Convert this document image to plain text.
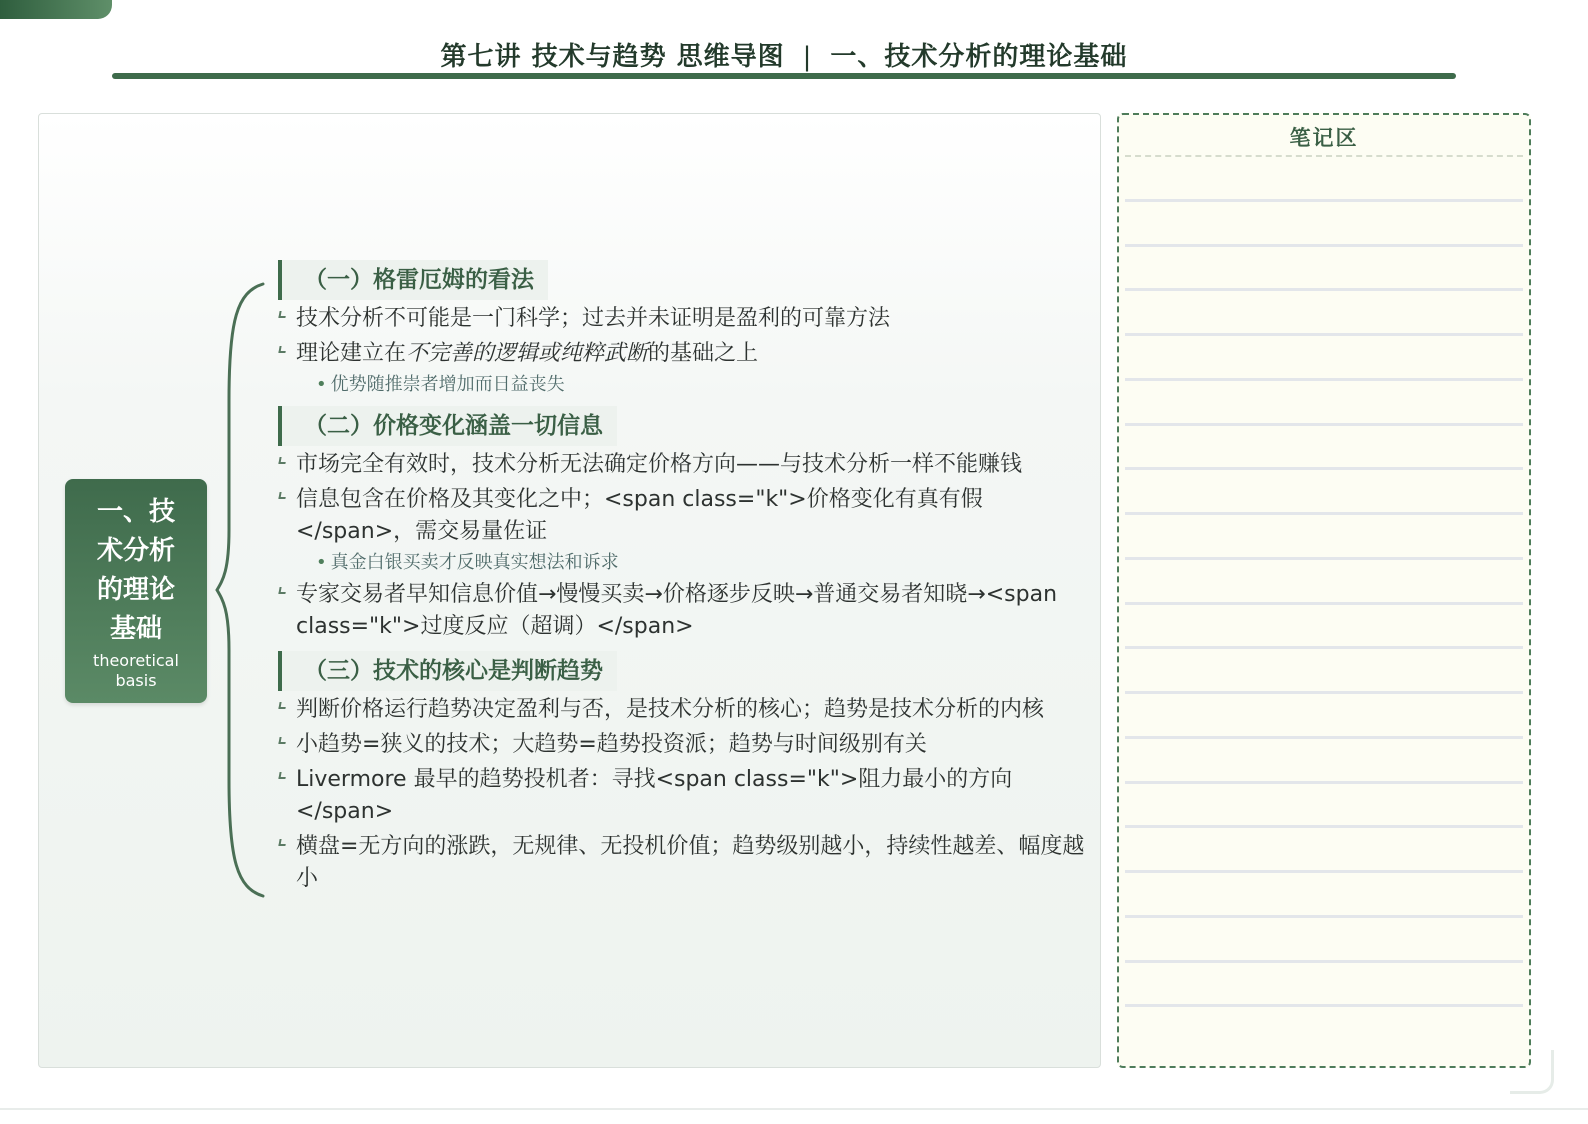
第七讲 技术与趋势 思维导图 | 一、技术分析的理论基础
一、技术分析的理论基础
theoretical basis
（一）格雷厄姆的看法
技术分析不可能是一门科学；过去并未证明是盈利的可靠方法
理论建立在不完善的逻辑或纯粹武断的基础之上
• 优势随推崇者增加而日益丧失
（二）价格变化涵盖一切信息
市场完全有效时，技术分析无法确定价格方向——与技术分析一样不能赚钱
信息包含在价格及其变化之中；<span class="k">价格变化有真有假</span>，需交易量佐证
• 真金白银买卖才反映真实想法和诉求
专家交易者早知信息价值→慢慢买卖→价格逐步反映→普通交易者知晓→<span class="k">过度反应（超调）</span>
（三）技术的核心是判断趋势
判断价格运行趋势决定盈利与否，是技术分析的核心；趋势是技术分析的内核
小趋势=狭义的技术；大趋势=趋势投资派；趋势与时间级别有关
Livermore 最早的趋势投机者：寻找<span class="k">阻力最小的方向</span>
横盘=无方向的涨跌，无规律、无投机价值；趋势级别越小，持续性越差、幅度越小
笔记区
